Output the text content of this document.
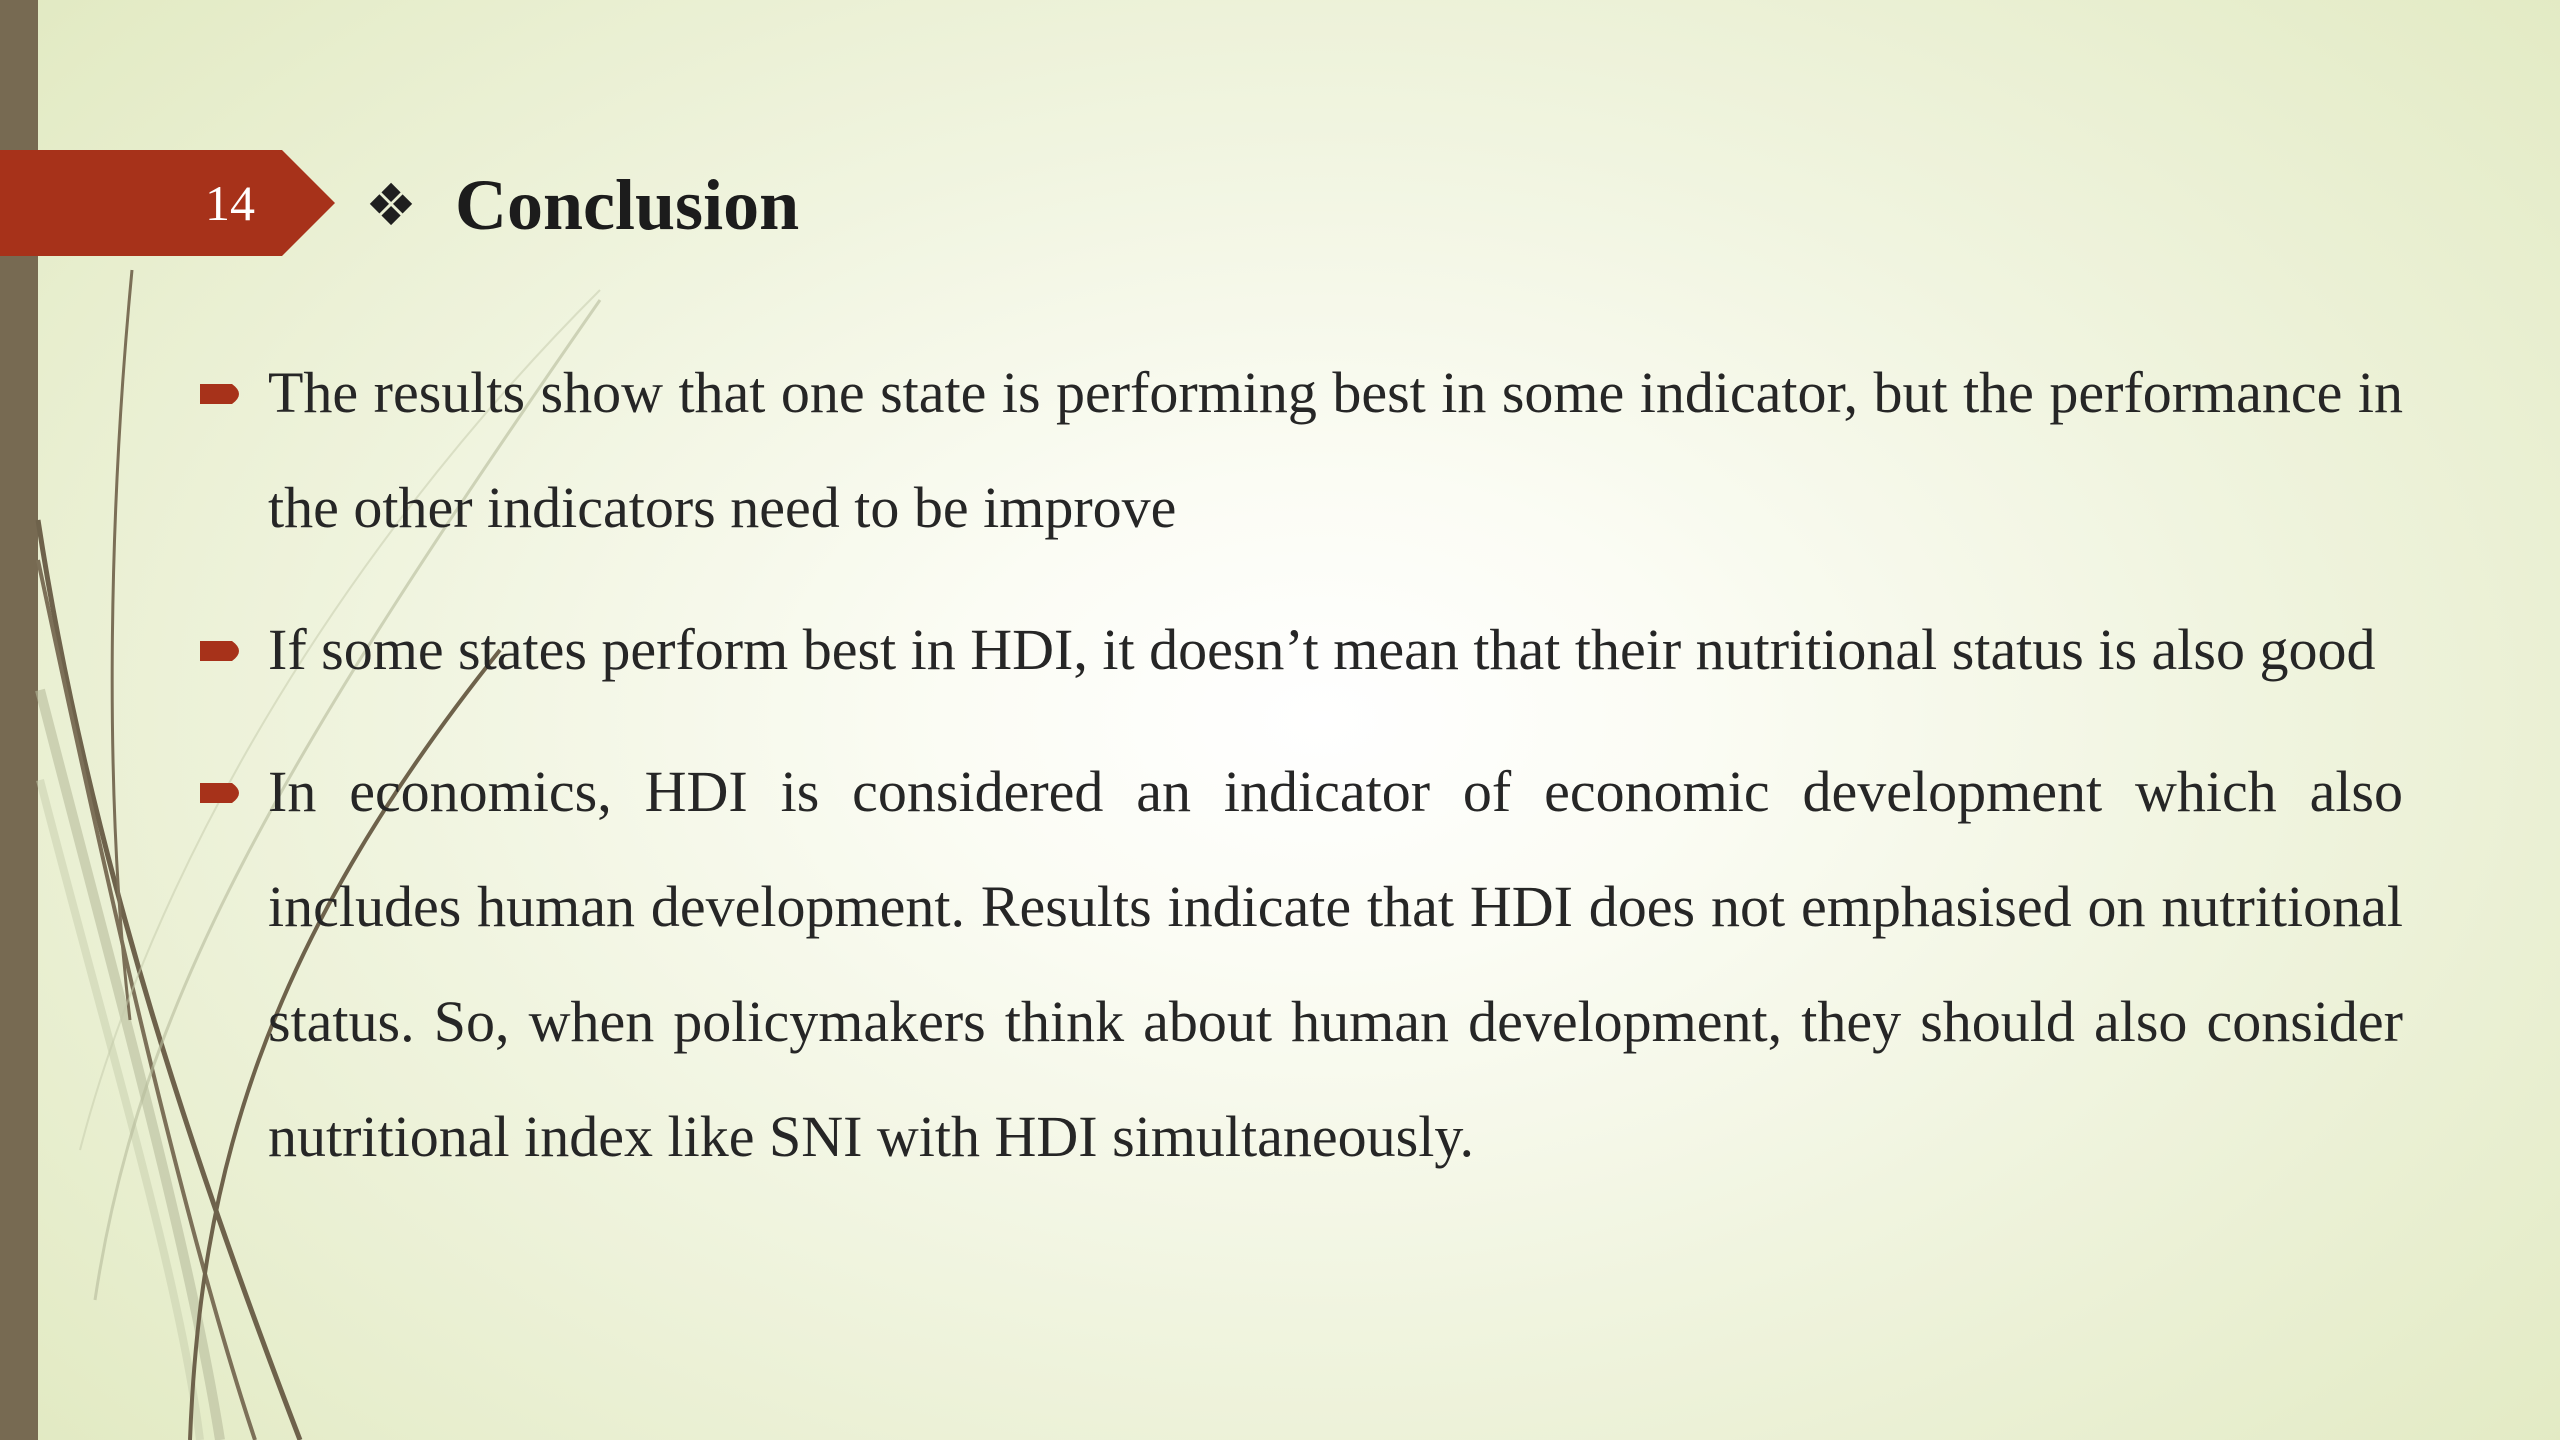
14 ❖ Conclusion
The results show that one state is performing best in some indicator, but the performance in the other indicators need to be improve
If some states perform best in HDI, it doesn’t mean that their nutritional status is also good
In economics, HDI is considered an indicator of economic development which also includes human development. Results indicate that HDI does not emphasised on nutritional status. So, when policymakers think about human development, they should also consider nutritional index like SNI with HDI simultaneously.
